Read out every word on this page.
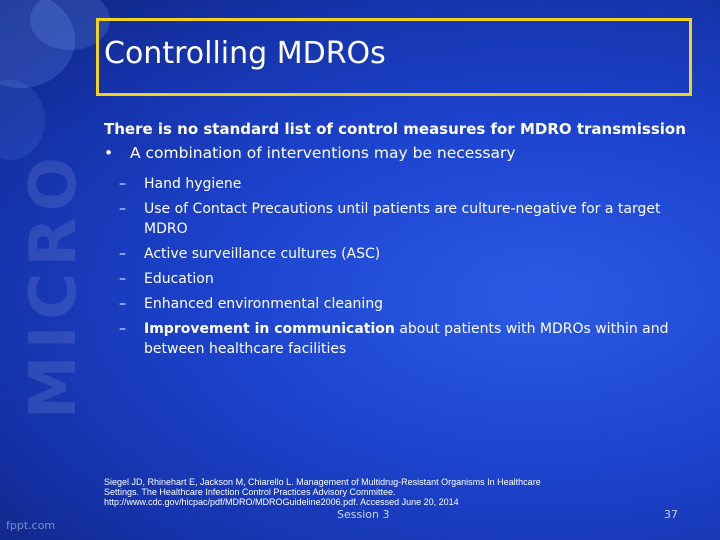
MICRO
fppt.com
Controlling MDROs
There is no standard list of control measures for MDRO transmission
•	A combination of interventions may be necessary
–	Hand hygiene
–	Use of Contact Precautions until patients are culture-negative for a target MDRO
–	Active surveillance cultures (ASC)
–	Education
–	Enhanced environmental cleaning
–	Improvement in communication about patients with MDROs within and between healthcare facilities
Siegel JD, Rhinehart E, Jackson M, Chiarello L. Management of Multidrug-Resistant Organisms In Healthcare Settings. The Healthcare Infection Control Practices Advisory Committee. http://www.cdc.gov/hicpac/pdf/MDRO/MDROGuideline2006.pdf. Accessed June 20, 2014
Session 3	37
